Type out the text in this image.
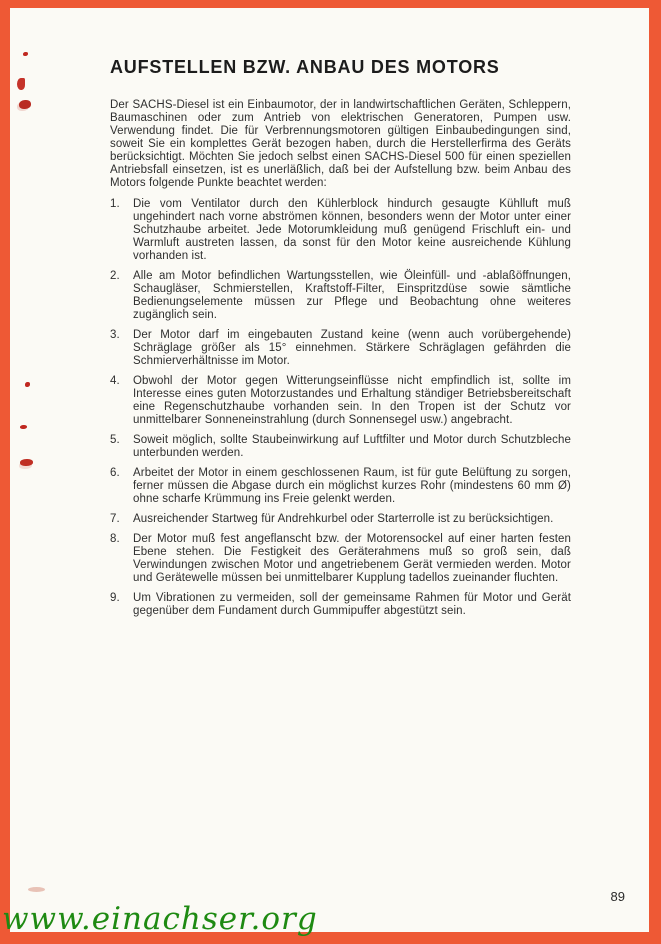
AUFSTELLEN BZW. ANBAU DES MOTORS

Der SACHS-Diesel ist ein Einbaumotor, der in landwirtschaftlichen Geräten, Schleppern, Baumaschinen oder zum Antrieb von elektrischen Generatoren, Pumpen usw. Verwendung findet. Die für Verbrennungsmotoren gültigen Einbaubedingungen sind, soweit Sie ein komplettes Gerät bezogen haben, durch die Herstellerfirma des Geräts berücksichtigt. Möchten Sie jedoch selbst einen SACHS-Diesel 500 für einen speziellen Antriebsfall einsetzen, ist es unerläßlich, daß bei der Aufstellung bzw. beim Anbau des Motors folgende Punkte beachtet werden:

1.	Die vom Ventilator durch den Kühlerblock hindurch gesaugte Kühlluft muß ungehindert nach vorne abströmen können, besonders wenn der Motor unter einer Schutzhaube arbeitet. Jede Motorumkleidung muß genügend Frischluft ein- und Warmluft austreten lassen, da sonst für den Motor keine ausreichende Kühlung vorhanden ist.
2.	Alle am Motor befindlichen Wartungsstellen, wie Öleinfüll- und -ablaßöffnungen, Schaugläser, Schmierstellen, Kraftstoff-Filter, Einspritzdüse sowie sämtliche Bedienungselemente müssen zur Pflege und Beobachtung ohne weiteres zugänglich sein.
3.	Der Motor darf im eingebauten Zustand keine (wenn auch vorübergehende) Schräglage größer als 15° einnehmen. Stärkere Schräglagen gefährden die Schmierverhältnisse im Motor.
4.	Obwohl der Motor gegen Witterungseinflüsse nicht empfindlich ist, sollte im Interesse eines guten Motorzustandes und Erhaltung ständiger Betriebsbereitschaft eine Regenschutzhaube vorhanden sein. In den Tropen ist der Schutz vor unmittelbarer Sonneneinstrahlung (durch Sonnensegel usw.) angebracht.
5.	Soweit möglich, sollte Staubeinwirkung auf Luftfilter und Motor durch Schutzbleche unterbunden werden.
6.	Arbeitet der Motor in einem geschlossenen Raum, ist für gute Belüftung zu sorgen, ferner müssen die Abgase durch ein möglichst kurzes Rohr (mindestens 60 mm Ø) ohne scharfe Krümmung ins Freie gelenkt werden.
7.	Ausreichender Startweg für Andrehkurbel oder Starterrolle ist zu berücksichtigen.
8.	Der Motor muß fest angeflanscht bzw. der Motorensockel auf einer harten festen Ebene stehen. Die Festigkeit des Geräterahmens muß so groß sein, daß Verwindungen zwischen Motor und angetriebenem Gerät vermieden werden. Motor und Gerätewelle müssen bei unmittelbarer Kupplung tadellos zueinander fluchten.
9.	Um Vibrationen zu vermeiden, soll der gemeinsame Rahmen für Motor und Gerät gegenüber dem Fundament durch Gummipuffer abgestützt sein.
89
www.einachser.org
